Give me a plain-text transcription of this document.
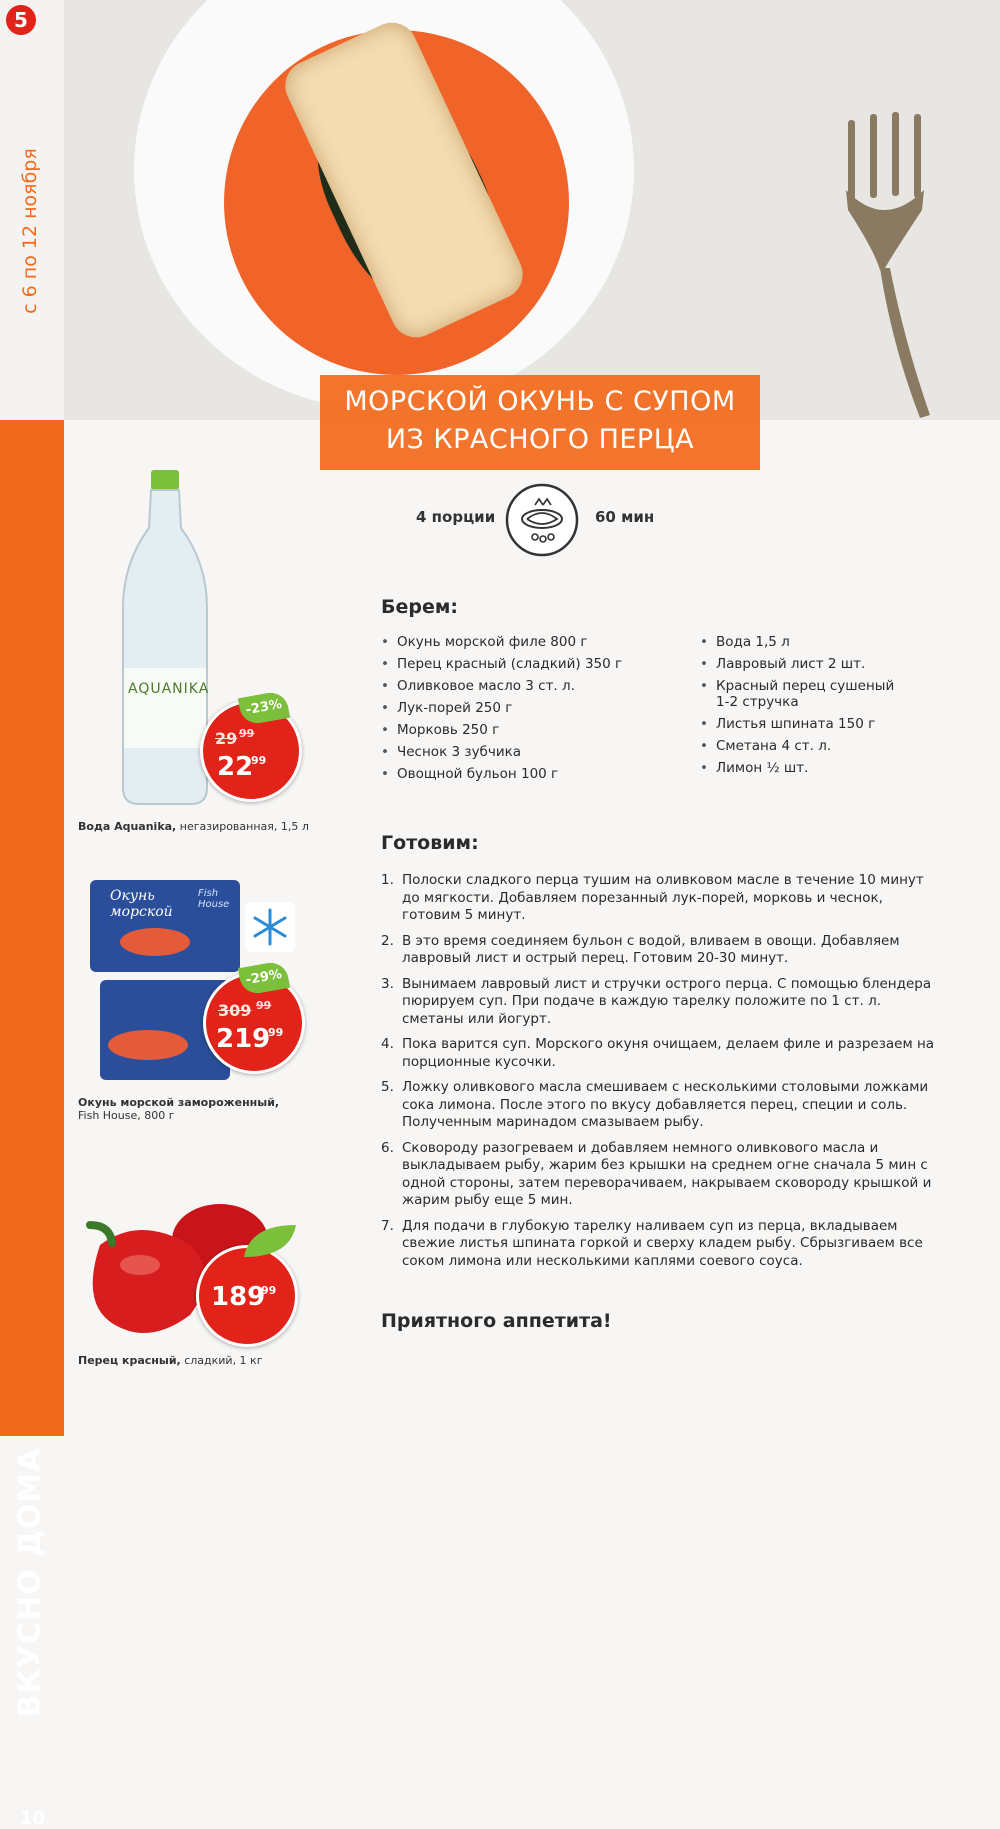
5
с 6 по 12 ноября
ВКУСНО ДОМА
10
МОРСКОЙ ОКУНЬ С СУПОМ
ИЗ КРАСНОГО ПЕРЦА
4 порции	60 мин
Берем:
• Окунь морской филе 800 г
• Перец красный (сладкий) 350 г
• Оливковое масло 3 ст. л.
• Лук-порей 250 г
• Морковь 250 г
• Чеснок 3 зубчика
• Овощной бульон 100 г
• Вода 1,5 л
• Лавровый лист 2 шт.
• Красный перец сушеный 1-2 стручка
• Листья шпината 150 г
• Сметана 4 ст. л.
• Лимон ½ шт.
Готовим:
1. Полоски сладкого перца тушим на оливковом масле в течение 10 минут до мягкости. Добавляем порезанный лук-порей, морковь и чеснок, готовим 5 минут.
2. В это время соединяем бульон с водой, вливаем в овощи. Добавляем лавровый лист и острый перец. Готовим 20-30 минут.
3. Вынимаем лавровый лист и стручки острого перца. С помощью блендера пюрируем суп. При подаче в каждую тарелку положите по 1 ст. л. сметаны или йогурт.
4. Пока варится суп. Морского окуня очищаем, делаем филе и разрезаем на порционные кусочки.
5. Ложку оливкового масла смешиваем с несколькими столовыми ложками сока лимона. После этого по вкусу добавляется перец, специи и соль. Полученным маринадом смазываем рыбу.
6. Сковороду разогреваем и добавляем немного оливкового масла и выкладываем рыбу, жарим без крышки на среднем огне сначала 5 мин с одной стороны, затем переворачиваем, накрываем сковороду крышкой и жарим рыбу еще 5 мин.
7. Для подачи в глубокую тарелку наливаем суп из перца, вкладываем свежие листья шпината горкой и сверху кладем рыбу. Сбрызгиваем все соком лимона или несколькими каплями соевого соуса.
Приятного аппетита!
AQUANIKA
29 99
22
99
-23%
Вода Aquanika, негазированная, 1,5 л
Окунь морской
Fish House
309 99
219
99
-29%
Окунь морской замороженный,
Fish House, 800 г
189
99
Перец красный, сладкий, 1 кг
